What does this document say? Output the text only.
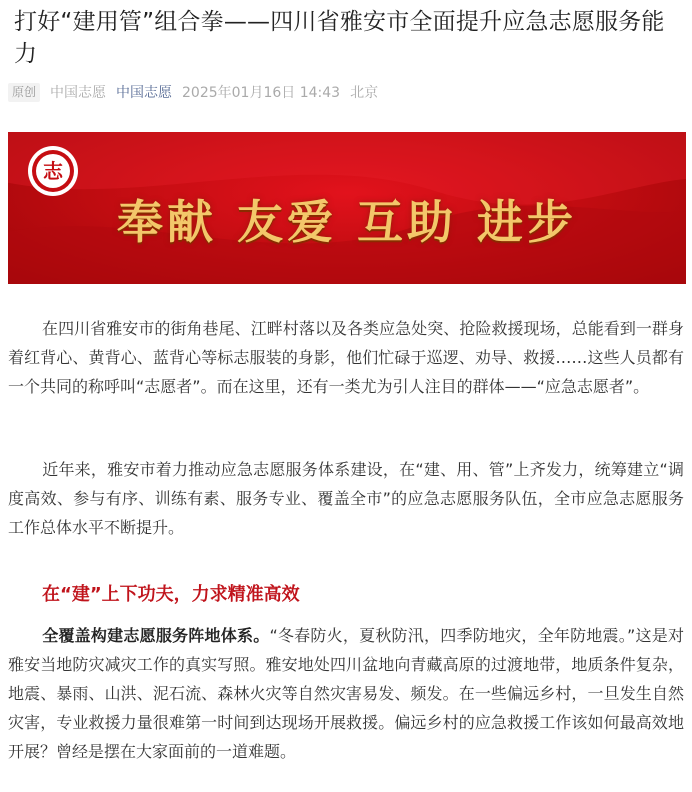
打好“建用管”组合拳——四川省雅安市全面提升应急志愿服务能力
原创 中国志愿 中国志愿 2025年01月16日 14:43 北京
志
奉献 友爱 互助 进步

在四川省雅安市的街角巷尾、江畔村落以及各类应急处突、抢险救援现场，总能看到一群身着红背心、黄背心、蓝背心等标志服装的身影，他们忙碌于巡逻、劝导、救援……这些人员都有一个共同的称呼叫“志愿者”。而在这里，还有一类尤为引人注目的群体——“应急志愿者”。

近年来，雅安市着力推动应急志愿服务体系建设，在“建、用、管”上齐发力，统筹建立“调度高效、参与有序、训练有素、服务专业、覆盖全市”的应急志愿服务队伍，全市应急志愿服务工作总体水平不断提升。

在“建”上下功夫，力求精准高效

全覆盖构建志愿服务阵地体系。“冬春防火，夏秋防汛，四季防地灾，全年防地震。”这是对雅安当地防灾减灾工作的真实写照。雅安地处四川盆地向青藏高原的过渡地带，地质条件复杂，地震、暴雨、山洪、泥石流、森林火灾等自然灾害易发、频发。在一些偏远乡村，一旦发生自然灾害，专业救援力量很难第一时间到达现场开展救援。偏远乡村的应急救援工作该如何最高效地开展？曾经是摆在大家面前的一道难题。
